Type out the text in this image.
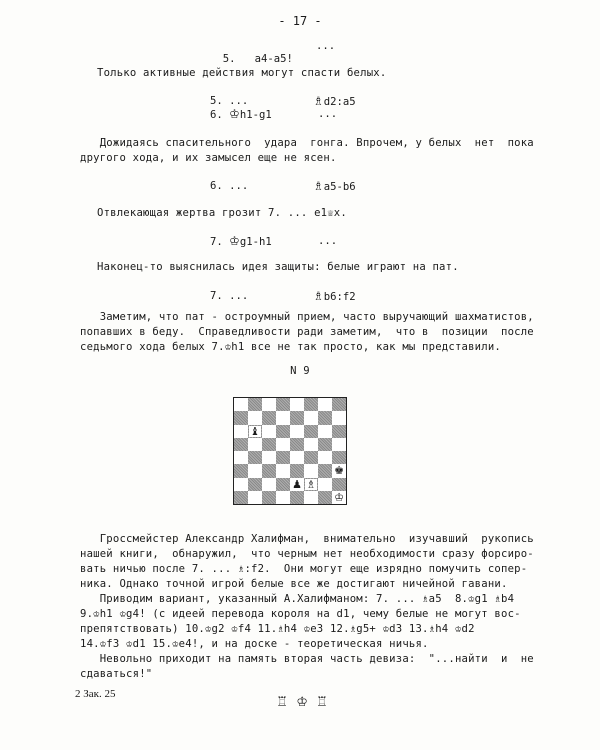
- 17 -

5. a4-a5!

...
Только активные действия могут спасти белых.
5. ...	♗d2:a5
6. ♔h1-g1	...
Дожидаясь спасительного  удара  гонга. Впрочем, у белых  нет  пока
другого хода, и их замысел еще не ясен.
6. ...	♗a5-b6
Отвлекающая жертва грозит 7. ... e1♕x.
7. ♔g1-h1	...
Наконец-то выяснилась идея защиты: белые играют на пат.
7. ...	♗b6:f2
Заметим, что пат - остроумный прием, часто выручающий шахматистов,
попавших в беду.  Справедливости ради заметим,  что в  позиции  после
седьмого хода белых 7.♔h1 все не так просто, как мы представили.
N 9
♝
♚
♟ ♗
♔
Гроссмейстер Александр Халифман,  внимательно  изучавший  рукопись
нашей книги,  обнаружил,  что черным нет необходимости сразу форсиро-
вать ничью после 7. ... ♗:f2.  Они могут еще изрядно помучить сопер-
ника. Однако точной игрой белые все же достигают ничейной гавани.
Приводим вариант, указанный А.Халифманом: 7. ... ♗a5  8.♔g1 ♗b4
9.♔h1 ♔g4! (с идеей перевода короля на d1, чему белые не могут вос-
препятствовать) 10.♔g2 ♔f4 11.♗h4 ♔e3 12.♗g5+ ♔d3 13.♗h4 ♔d2
14.♔f3 ♔d1 15.♔e4!, и на доске - теоретическая ничья.
Невольно приходит на память вторая часть девиза:  "...найти  и  не
сдаваться!"
2 Зак. 25

♖ ♔ ♖
